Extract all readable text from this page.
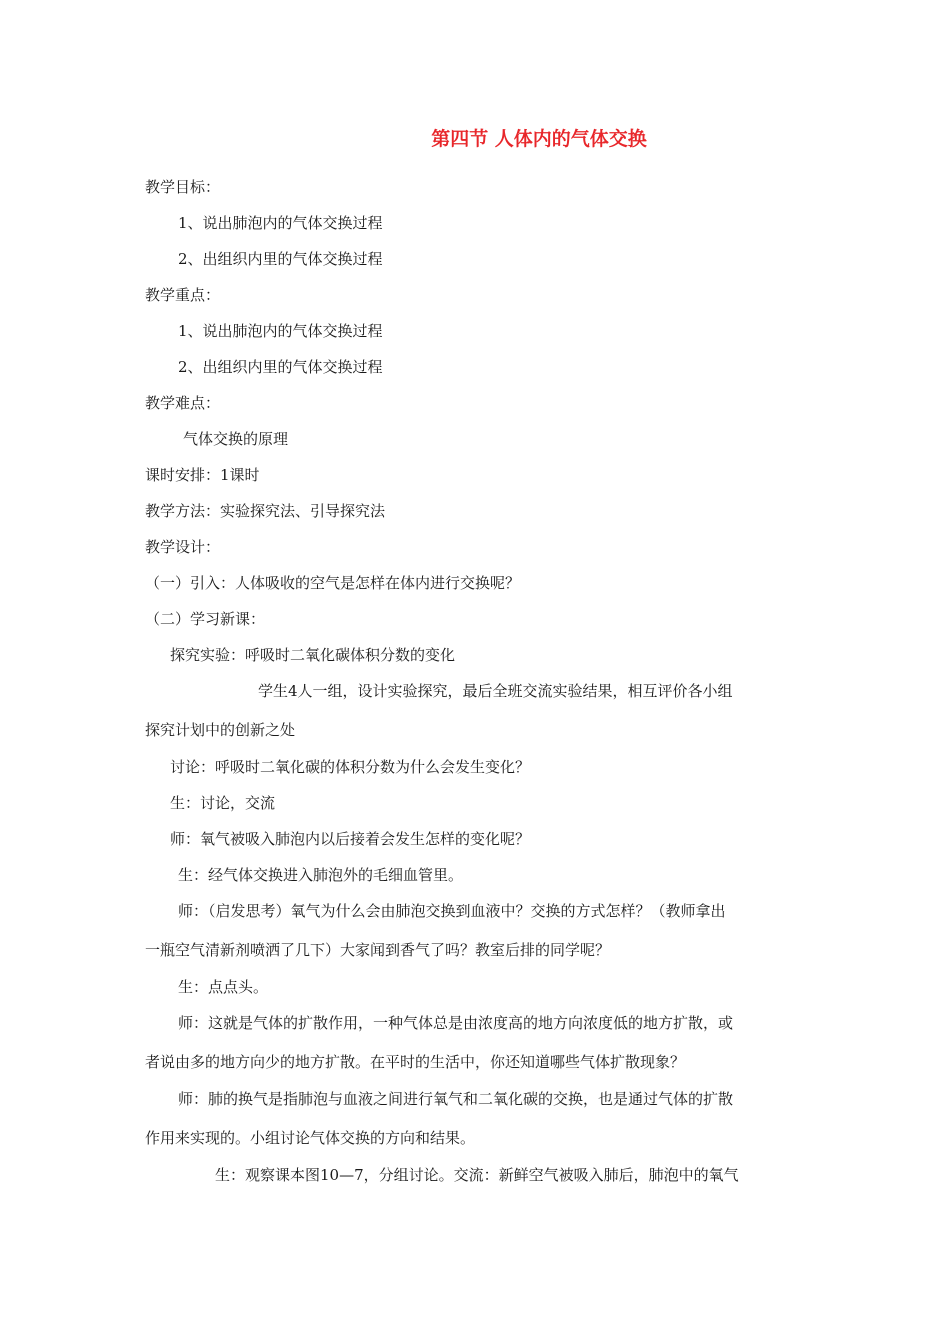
第四节 人体内的气体交换
教学目标：
1、说出肺泡内的气体交换过程
2、出组织内里的气体交换过程
教学重点：
1、说出肺泡内的气体交换过程
2、出组织内里的气体交换过程
教学难点：
气体交换的原理
课时安排：1课时
教学方法：实验探究法、引导探究法
教学设计：
（一）引入：人体吸收的空气是怎样在体内进行交换呢？
（二）学习新课：
探究实验：呼吸时二氧化碳体积分数的变化
学生4人一组，设计实验探究，最后全班交流实验结果，相互评价各小组
探究计划中的创新之处
讨论：呼吸时二氧化碳的体积分数为什么会发生变化？
生：讨论，交流
师：氧气被吸入肺泡内以后接着会发生怎样的变化呢？
生：经气体交换进入肺泡外的毛细血管里。
师：（启发思考）氧气为什么会由肺泡交换到血液中？交换的方式怎样？（教师拿出
一瓶空气清新剂喷洒了几下）大家闻到香气了吗？教室后排的同学呢？
生：点点头。
师：这就是气体的扩散作用，一种气体总是由浓度高的地方向浓度低的地方扩散，或
者说由多的地方向少的地方扩散。在平时的生活中，你还知道哪些气体扩散现象？
师：肺的换气是指肺泡与血液之间进行氧气和二氧化碳的交换，也是通过气体的扩散
作用来实现的。小组讨论气体交换的方向和结果。
生：观察课本图10—7，分组讨论。交流：新鲜空气被吸入肺后，肺泡中的氧气
